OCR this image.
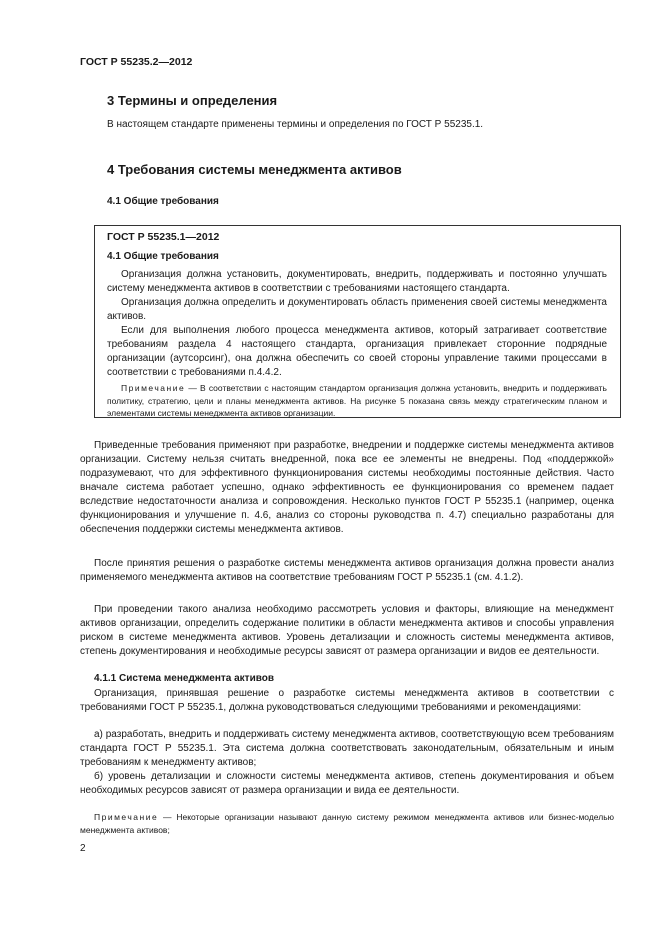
ГОСТ Р 55235.2—2012
3 Термины и определения

В настоящем стандарте применены термины и определения по ГОСТ Р 55235.1.

4 Требования системы менеджмента активов
4.1 Общие требования
ГОСТ Р 55235.1—2012
4.1 Общие требования

Организация должна установить, документировать, внедрить, поддерживать и постоянно улучшать систему менеджмента активов в соответствии с требованиями настоящего стандарта.

Организация должна определить и документировать область применения своей системы менеджмента активов.

Если для выполнения любого процесса менеджмента активов, который затрагивает соответствие требованиям раздела 4 настоящего стандарта, организация привлекает сторонние подрядные организации (аутсорсинг), она должна обеспечить со своей стороны управление такими процессами в соответствии с требованиями п.4.4.2.

Примечание — В соответствии с настоящим стандартом организация должна установить, внедрить и поддерживать политику, стратегию, цели и планы менеджмента активов. На рисунке 5 показана связь между стратегическим планом и элементами системы менеджмента активов организации.

Приведенные требования применяют при разработке, внедрении и поддержке системы менеджмента активов организации. Систему нельзя считать внедренной, пока все ее элементы не внедрены. Под «поддержкой» подразумевают, что для эффективного функционирования системы необходимы постоянные действия. Часто вначале система работает успешно, однако эффективность ее функционирования со временем падает вследствие недостаточности анализа и сопровождения. Несколько пунктов ГОСТ Р 55235.1 (например, оценка функционирования и улучшение п. 4.6, анализ со стороны руководства п. 4.7) специально разработаны для обеспечения поддержки системы менеджмента активов.

После принятия решения о разработке системы менеджмента активов организация должна провести анализ применяемого менеджмента активов на соответствие требованиям ГОСТ Р 55235.1 (см. 4.1.2).

При проведении такого анализа необходимо рассмотреть условия и факторы, влияющие на менеджмент активов организации, определить содержание политики в области менеджмента активов и способы управления риском в системе менеджмента активов. Уровень детализации и сложность системы менеджмента активов, степень документирования и необходимые ресурсы зависят от размера организации и видов ее деятельности.

4.1.1 Система менеджмента активов

Организация, принявшая решение о разработке системы менеджмента активов в соответствии с требованиями ГОСТ Р 55235.1, должна руководствоваться следующими требованиями и рекомендациями:

а) разработать, внедрить и поддерживать систему менеджмента активов, соответствующую всем требованиям стандарта ГОСТ Р 55235.1. Эта система должна соответствовать законодательным, обязательным и иным требованиям к менеджменту активов;

б) уровень детализации и сложности системы менеджмента активов, степень документирования и объем необходимых ресурсов зависят от размера организации и вида ее деятельности.

Примечание — Некоторые организации называют данную систему режимом менеджмента активов или бизнес-моделью менеджмента активов;

2
